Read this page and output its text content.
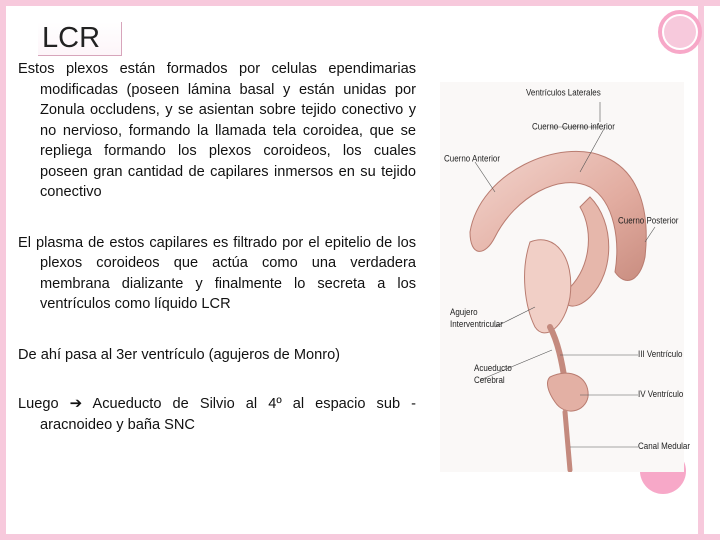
LCR

Estos plexos están formados por celulas ependimarias modificadas (poseen lámina basal y están unidas por Zonula occludens, y se asientan sobre tejido conectivo y no nervioso, formando la llamada tela coroidea, que se repliega formando los plexos coroideos, los cuales poseen gran cantidad de capilares inmersos en su tejido conectivo

El plasma de estos capilares es filtrado por el epitelio de los plexos coroideos que actúa como una verdadera membrana dializante y finalmente lo secreta a los ventrículos como líquido LCR

De ahí pasa al 3er ventrículo (agujeros de Monro)

Luego ➔ Acueducto de Silvio al 4º al espacio sub -aracnoideo y baña SNC

Ventrículos Laterales
Cuerno Cuerno inferior
Cuerno Anterior
Cuerno Posterior
Agujero
Interventricular
III Ventrículo
Acueducto
Cerebral
IV Ventrículo
Canal Medular
